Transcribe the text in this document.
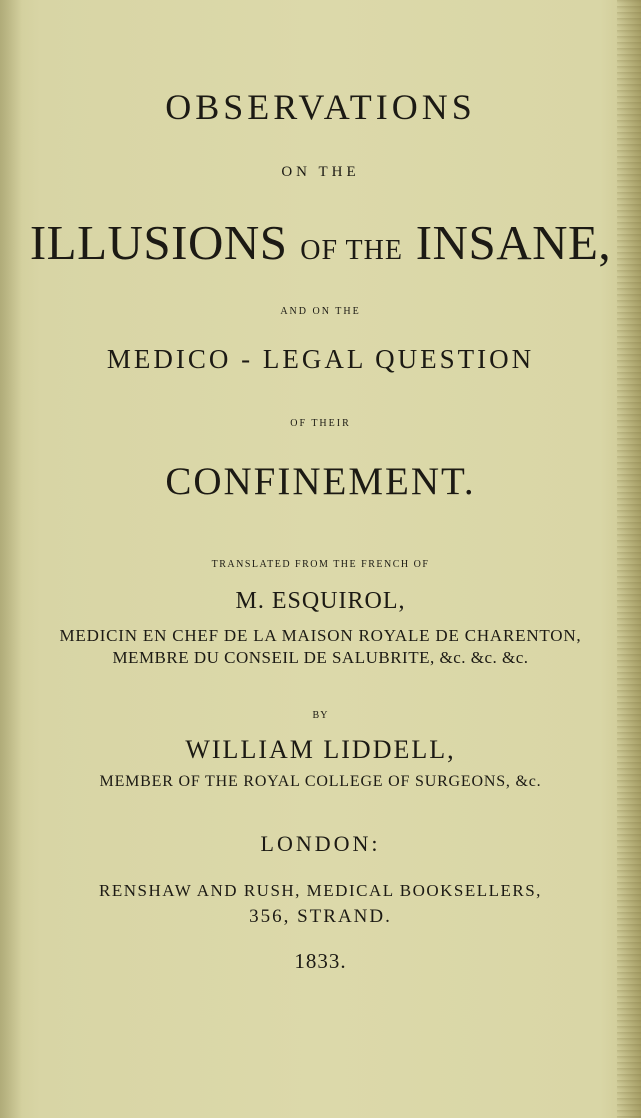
OBSERVATIONS

ON THE

ILLUSIONS OF THE INSANE,

AND ON THE

MEDICO - LEGAL QUESTION

OF THEIR

CONFINEMENT.

TRANSLATED FROM THE FRENCH OF

M. ESQUIROL,

MEDICIN EN CHEF DE LA MAISON ROYALE DE CHARENTON,

MEMBRE DU CONSEIL DE SALUBRITE, &c. &c. &c.

BY

WILLIAM LIDDELL,

MEMBER OF THE ROYAL COLLEGE OF SURGEONS, &c.

LONDON:

RENSHAW AND RUSH, MEDICAL BOOKSELLERS,

356, STRAND.

1833.
